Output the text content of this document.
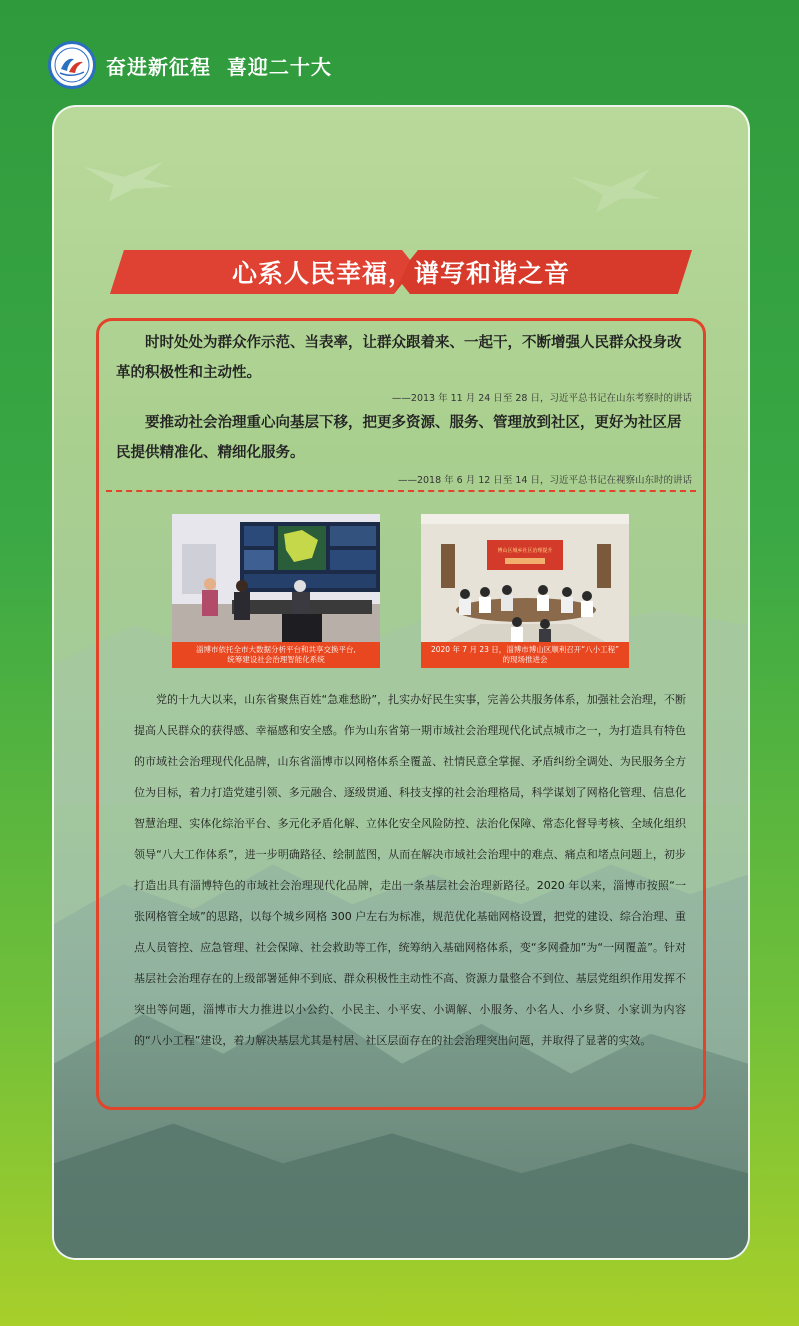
奋进新征程  喜迎二十大
心系人民幸福，谱写和谐之音
时时处处为群众作示范、当表率，让群众跟着来、一起干，不断增强人民群众投身改革的积极性和主动性。
——2013 年 11 月 24 日至 28 日，习近平总书记在山东考察时的讲话
要推动社会治理重心向基层下移，把更多资源、服务、管理放到社区，更好为社区居民提供精准化、精细化服务。
——2018 年 6 月 12 日至 14 日，习近平总书记在视察山东时的讲话
淄博市依托全市大数据分析平台和共享交换平台,
统筹建设社会治理智能化系统
博山区城乡社区治理提升
2020 年 7 月 23 日，淄博市博山区顺利召开“八小工程”
的现场推进会
党的十九大以来，山东省聚焦百姓“急难愁盼”，扎实办好民生实事，完善公共服务体系，加强社会治理，不断提高人民群众的获得感、幸福感和安全感。作为山东省第一期市域社会治理现代化试点城市之一，为打造具有特色的市域社会治理现代化品牌，山东省淄博市以网格体系全覆盖、社情民意全掌握、矛盾纠纷全调处、为民服务全方位为目标，着力打造党建引领、多元融合、逐级贯通、科技支撑的社会治理格局，科学谋划了网格化管理、信息化智慧治理、实体化综治平台、多元化矛盾化解、立体化安全风险防控、法治化保障、常态化督导考核、全域化组织领导“八大工作体系”，进一步明确路径、绘制蓝图，从而在解决市域社会治理中的难点、痛点和堵点问题上，初步打造出具有淄博特色的市域社会治理现代化品牌，走出一条基层社会治理新路径。2020 年以来，淄博市按照“一张网格管全域”的思路，以每个城乡网格 300 户左右为标准，规范优化基础网格设置，把党的建设、综合治理、重点人员管控、应急管理、社会保障、社会救助等工作，统筹纳入基础网格体系，变“多网叠加”为“一网覆盖”。针对基层社会治理存在的上级部署延伸不到底、群众积极性主动性不高、资源力量整合不到位、基层党组织作用发挥不突出等问题，淄博市大力推进以小公约、小民主、小平安、小调解、小服务、小名人、小乡贤、小家训为内容的“八小工程”建设，着力解决基层尤其是村居、社区层面存在的社会治理突出问题，并取得了显著的实效。
